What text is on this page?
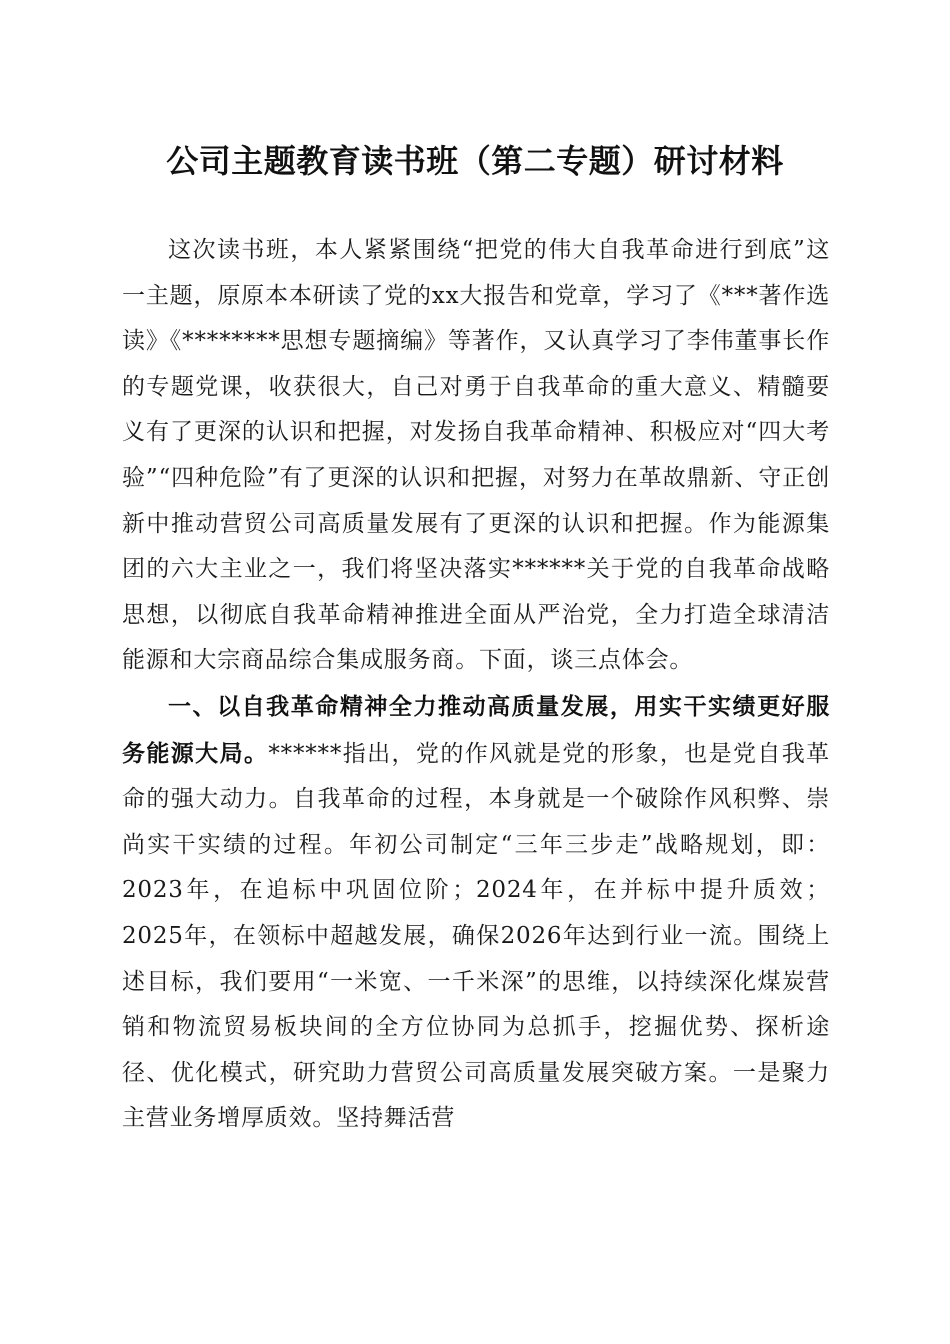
公司主题教育读书班（第二专题）研讨材料

这次读书班，本人紧紧围绕“把党的伟大自我革命进行到底”这一主题，原原本本研读了党的xx大报告和党章，学习了《***著作选读》《********思想专题摘编》等著作，又认真学习了李伟董事长作的专题党课，收获很大，自己对勇于自我革命的重大意义、精髓要义有了更深的认识和把握，对发扬自我革命精神、积极应对“四大考验”“四种危险”有了更深的认识和把握，对努力在革故鼎新、守正创新中推动营贸公司高质量发展有了更深的认识和把握。作为能源集团的六大主业之一，我们将坚决落实******关于党的自我革命战略思想，以彻底自我革命精神推进全面从严治党，全力打造全球清洁能源和大宗商品综合集成服务商。下面，谈三点体会。

一、以自我革命精神全力推动高质量发展，用实干实绩更好服务能源大局。******指出，党的作风就是党的形象，也是党自我革命的强大动力。自我革命的过程，本身就是一个破除作风积弊、崇尚实干实绩的过程。年初公司制定“三年三步走”战略规划，即：2023年，在追标中巩固位阶；2024年，在并标中提升质效；2025年，在领标中超越发展，确保2026年达到行业一流。围绕上述目标，我们要用“一米宽、一千米深”的思维，以持续深化煤炭营销和物流贸易板块间的全方位协同为总抓手，挖掘优势、探析途径、优化模式，研究助力营贸公司高质量发展突破方案。一是聚力主营业务增厚质效。坚持舞活营
